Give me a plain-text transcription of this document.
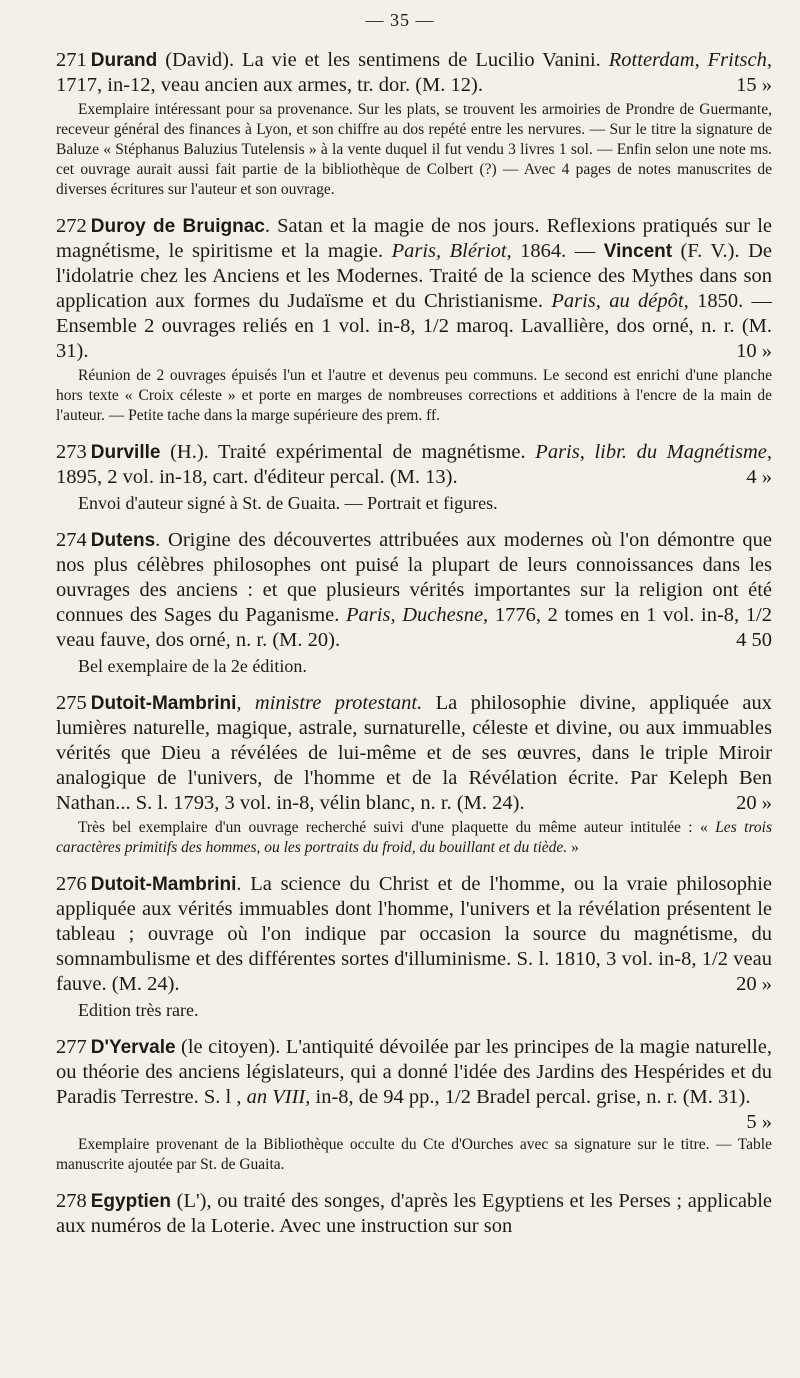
— 35 —
271 Durand (David). La vie et les sentimens de Lucilio Vanini. Rotterdam, Fritsch, 1717, in-12, veau ancien aux armes, tr. dor. (M. 12).	15 »
Exemplaire intéressant pour sa provenance. Sur les plats, se trouvent les armoiries de Prondre de Guermante, receveur général des finances à Lyon, et son chiffre au dos repété entre les nervures. — Sur le titre la signature de Baluze « Stéphanus Baluzius Tutelensis » à la vente duquel il fut vendu 3 livres 1 sol. — Enfin selon une note ms. cet ouvrage aurait aussi fait partie de la bibliothèque de Colbert (?) — Avec 4 pages de notes manuscrites de diverses écritures sur l'auteur et son ouvrage.
272 Duroy de Bruignac. Satan et la magie de nos jours. Reflexions pratiqués sur le magnétisme, le spiritisme et la magie. Paris, Blériot, 1864. — Vincent (F. V.). De l'idolatrie chez les Anciens et les Modernes. Traité de la science des Mythes dans son application aux formes du Judaïsme et du Christianisme. Paris, au dépôt, 1850. — Ensemble 2 ouvrages reliés en 1 vol. in-8, 1/2 maroq. Lavallière, dos orné, n. r. (M. 31).	10 »
Réunion de 2 ouvrages épuisés l'un et l'autre et devenus peu communs. Le second est enrichi d'une planche hors texte « Croix céleste » et porte en marges de nombreuses corrections et additions à l'encre de la main de l'auteur. — Petite tache dans la marge supérieure des prem. ff.
273 Durville (H.). Traité expérimental de magnétisme. Paris, libr. du Magnétisme, 1895, 2 vol. in-18, cart. d'éditeur percal. (M. 13).	4 »
Envoi d'auteur signé à St. de Guaita. — Portrait et figures.
274 Dutens. Origine des découvertes attribuées aux modernes où l'on démontre que nos plus célèbres philosophes ont puisé la plupart de leurs connoissances dans les ouvrages des anciens : et que plusieurs vérités importantes sur la religion ont été connues des Sages du Paganisme. Paris, Duchesne, 1776, 2 tomes en 1 vol. in-8, 1/2 veau fauve, dos orné, n. r. (M. 20).	4 50
Bel exemplaire de la 2e édition.
275 Dutoit-Mambrini, ministre protestant. La philosophie divine, appliquée aux lumières naturelle, magique, astrale, surnaturelle, céleste et divine, ou aux immuables vérités que Dieu a révélées de lui-même et de ses œuvres, dans le triple Miroir analogique de l'univers, de l'homme et de la Révélation écrite. Par Keleph Ben Nathan... S. l. 1793, 3 vol. in-8, vélin blanc, n. r. (M. 24).	20 »
Très bel exemplaire d'un ouvrage recherché suivi d'une plaquette du même auteur intitulée : « Les trois caractères primitifs des hommes, ou les portraits du froid, du bouillant et du tiède. »
276 Dutoit-Mambrini. La science du Christ et de l'homme, ou la vraie philosophie appliquée aux vérités immuables dont l'homme, l'univers et la révélation présentent le tableau ; ouvrage où l'on indique par occasion la source du magnétisme, du somnambulisme et des différentes sortes d'illuminisme. S. l. 1810, 3 vol. in-8, 1/2 veau fauve. (M. 24).	20 »
Edition très rare.
277 D'Yervale (le citoyen). L'antiquité dévoilée par les principes de la magie naturelle, ou théorie des anciens législateurs, qui a donné l'idée des Jardins des Hespérides et du Paradis Terrestre. S. l , an VIII, in-8, de 94 pp., 1/2 Bradel percal. grise, n. r. (M. 31).
5 »
Exemplaire provenant de la Bibliothèque occulte du Cte d'Ourches avec sa signature sur le titre. — Table manuscrite ajoutée par St. de Guaita.
278 Egyptien (L'), ou traité des songes, d'après les Egyptiens et les Perses ; applicable aux numéros de la Loterie. Avec une instruction sur son
